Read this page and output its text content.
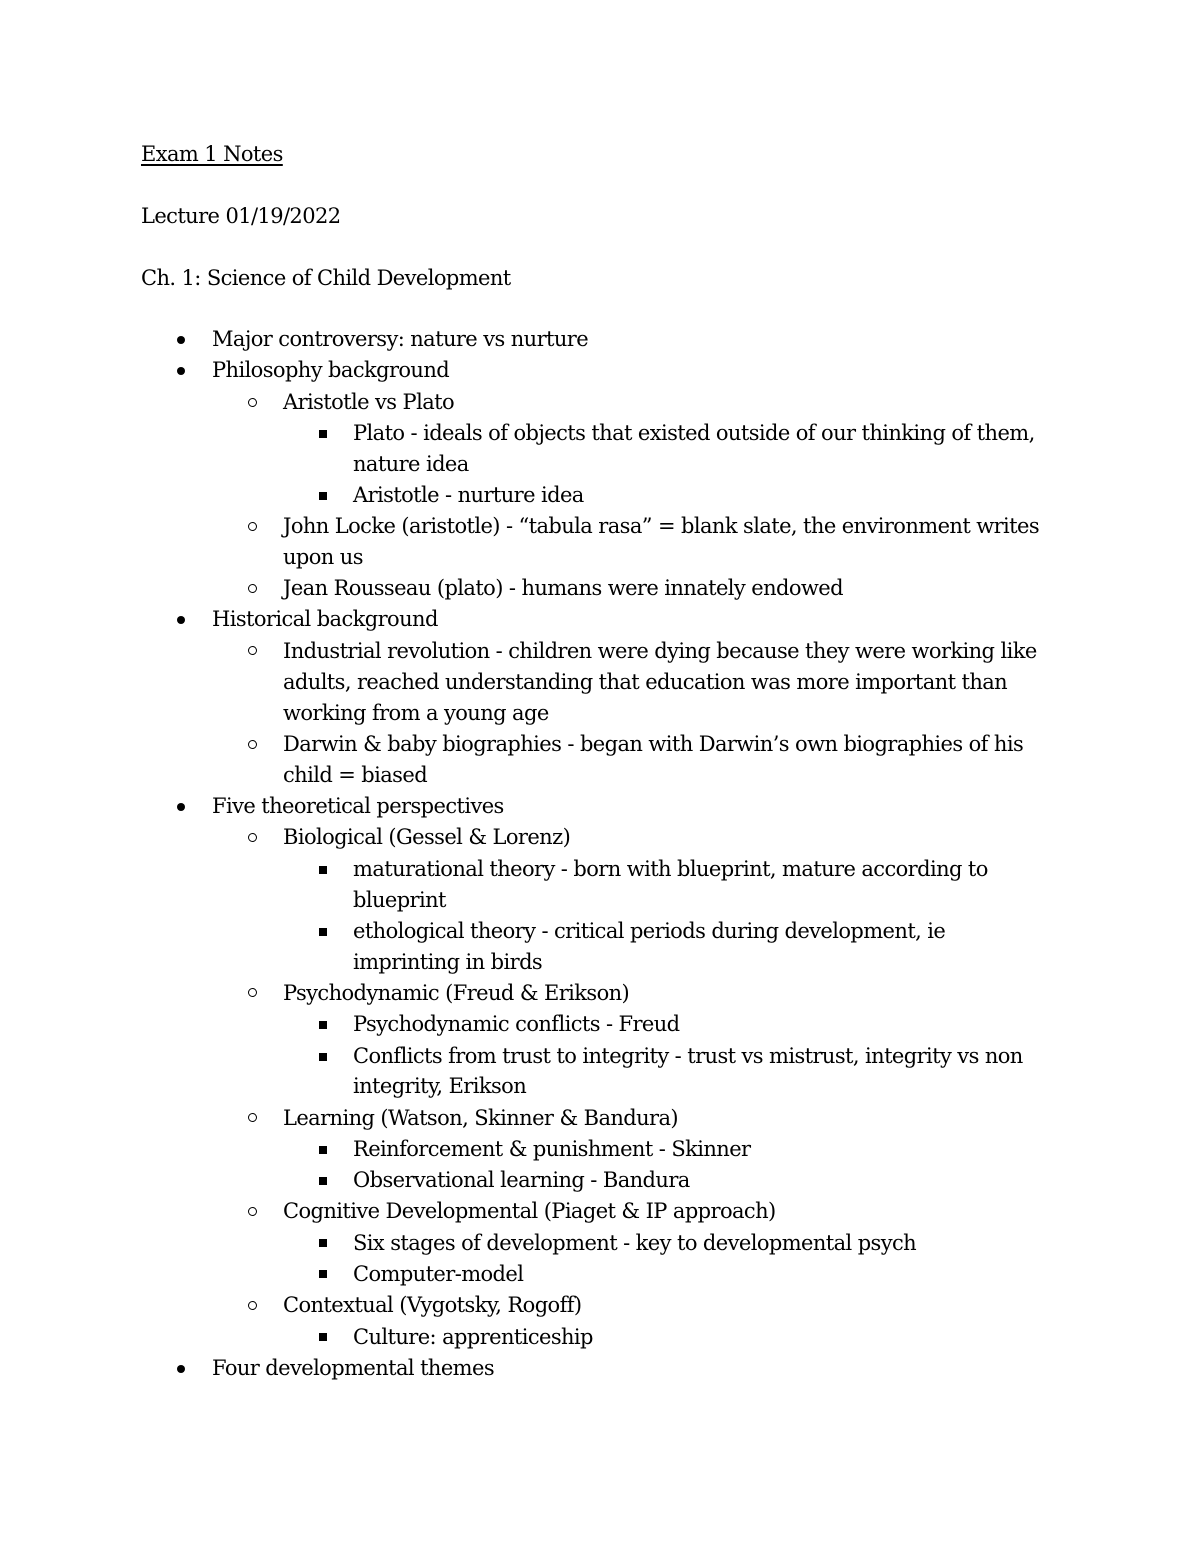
Exam 1 Notes
Lecture 01/19/2022
Ch. 1: Science of Child Development
Major controversy: nature vs nurture
Philosophy background
Aristotle vs Plato
Plato - ideals of objects that existed outside of our thinking of them,
nature idea
Aristotle - nurture idea
John Locke (aristotle) - “tabula rasa” = blank slate, the environment writes
upon us
Jean Rousseau (plato) - humans were innately endowed
Historical background
Industrial revolution - children were dying because they were working like
adults, reached understanding that education was more important than
working from a young age
Darwin & baby biographies - began with Darwin’s own biographies of his
child = biased
Five theoretical perspectives
Biological (Gessel & Lorenz)
maturational theory - born with blueprint, mature according to
blueprint
ethological theory - critical periods during development, ie
imprinting in birds
Psychodynamic (Freud & Erikson)
Psychodynamic conflicts - Freud
Conflicts from trust to integrity - trust vs mistrust, integrity vs non
integrity, Erikson
Learning (Watson, Skinner & Bandura)
Reinforcement & punishment - Skinner
Observational learning - Bandura
Cognitive Developmental (Piaget & IP approach)
Six stages of development - key to developmental psych
Computer-model
Contextual (Vygotsky, Rogoff)
Culture: apprenticeship
Four developmental themes
